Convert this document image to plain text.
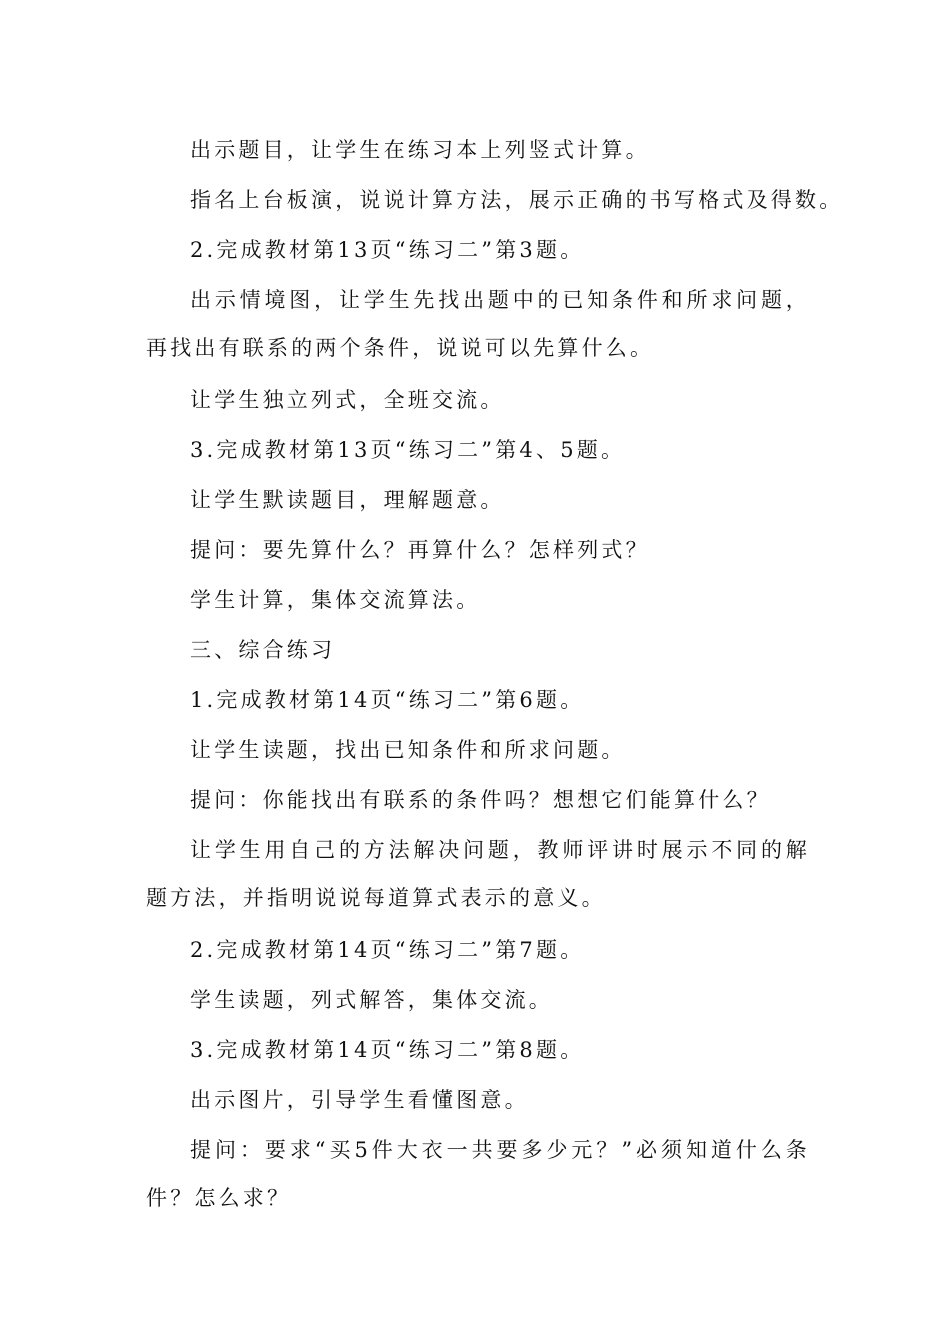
出示题目，让学生在练习本上列竖式计算。

指名上台板演，说说计算方法，展示正确的书写格式及得数。

2.完成教材第13页“练习二”第3题。

出示情境图，让学生先找出题中的已知条件和所求问题，再找出有联系的两个条件，说说可以先算什么。

让学生独立列式，全班交流。

3.完成教材第13页“练习二”第4、5题。

让学生默读题目，理解题意。

提问：要先算什么？再算什么？怎样列式？

学生计算，集体交流算法。

三、综合练习

1.完成教材第14页“练习二”第6题。

让学生读题，找出已知条件和所求问题。

提问：你能找出有联系的条件吗？想想它们能算什么？

让学生用自己的方法解决问题，教师评讲时展示不同的解题方法，并指明说说每道算式表示的意义。

2.完成教材第14页“练习二”第7题。

学生读题，列式解答，集体交流。

3.完成教材第14页“练习二”第8题。

出示图片，引导学生看懂图意。

提问：要求“买5件大衣一共要多少元？”必须知道什么条件？怎么求？
